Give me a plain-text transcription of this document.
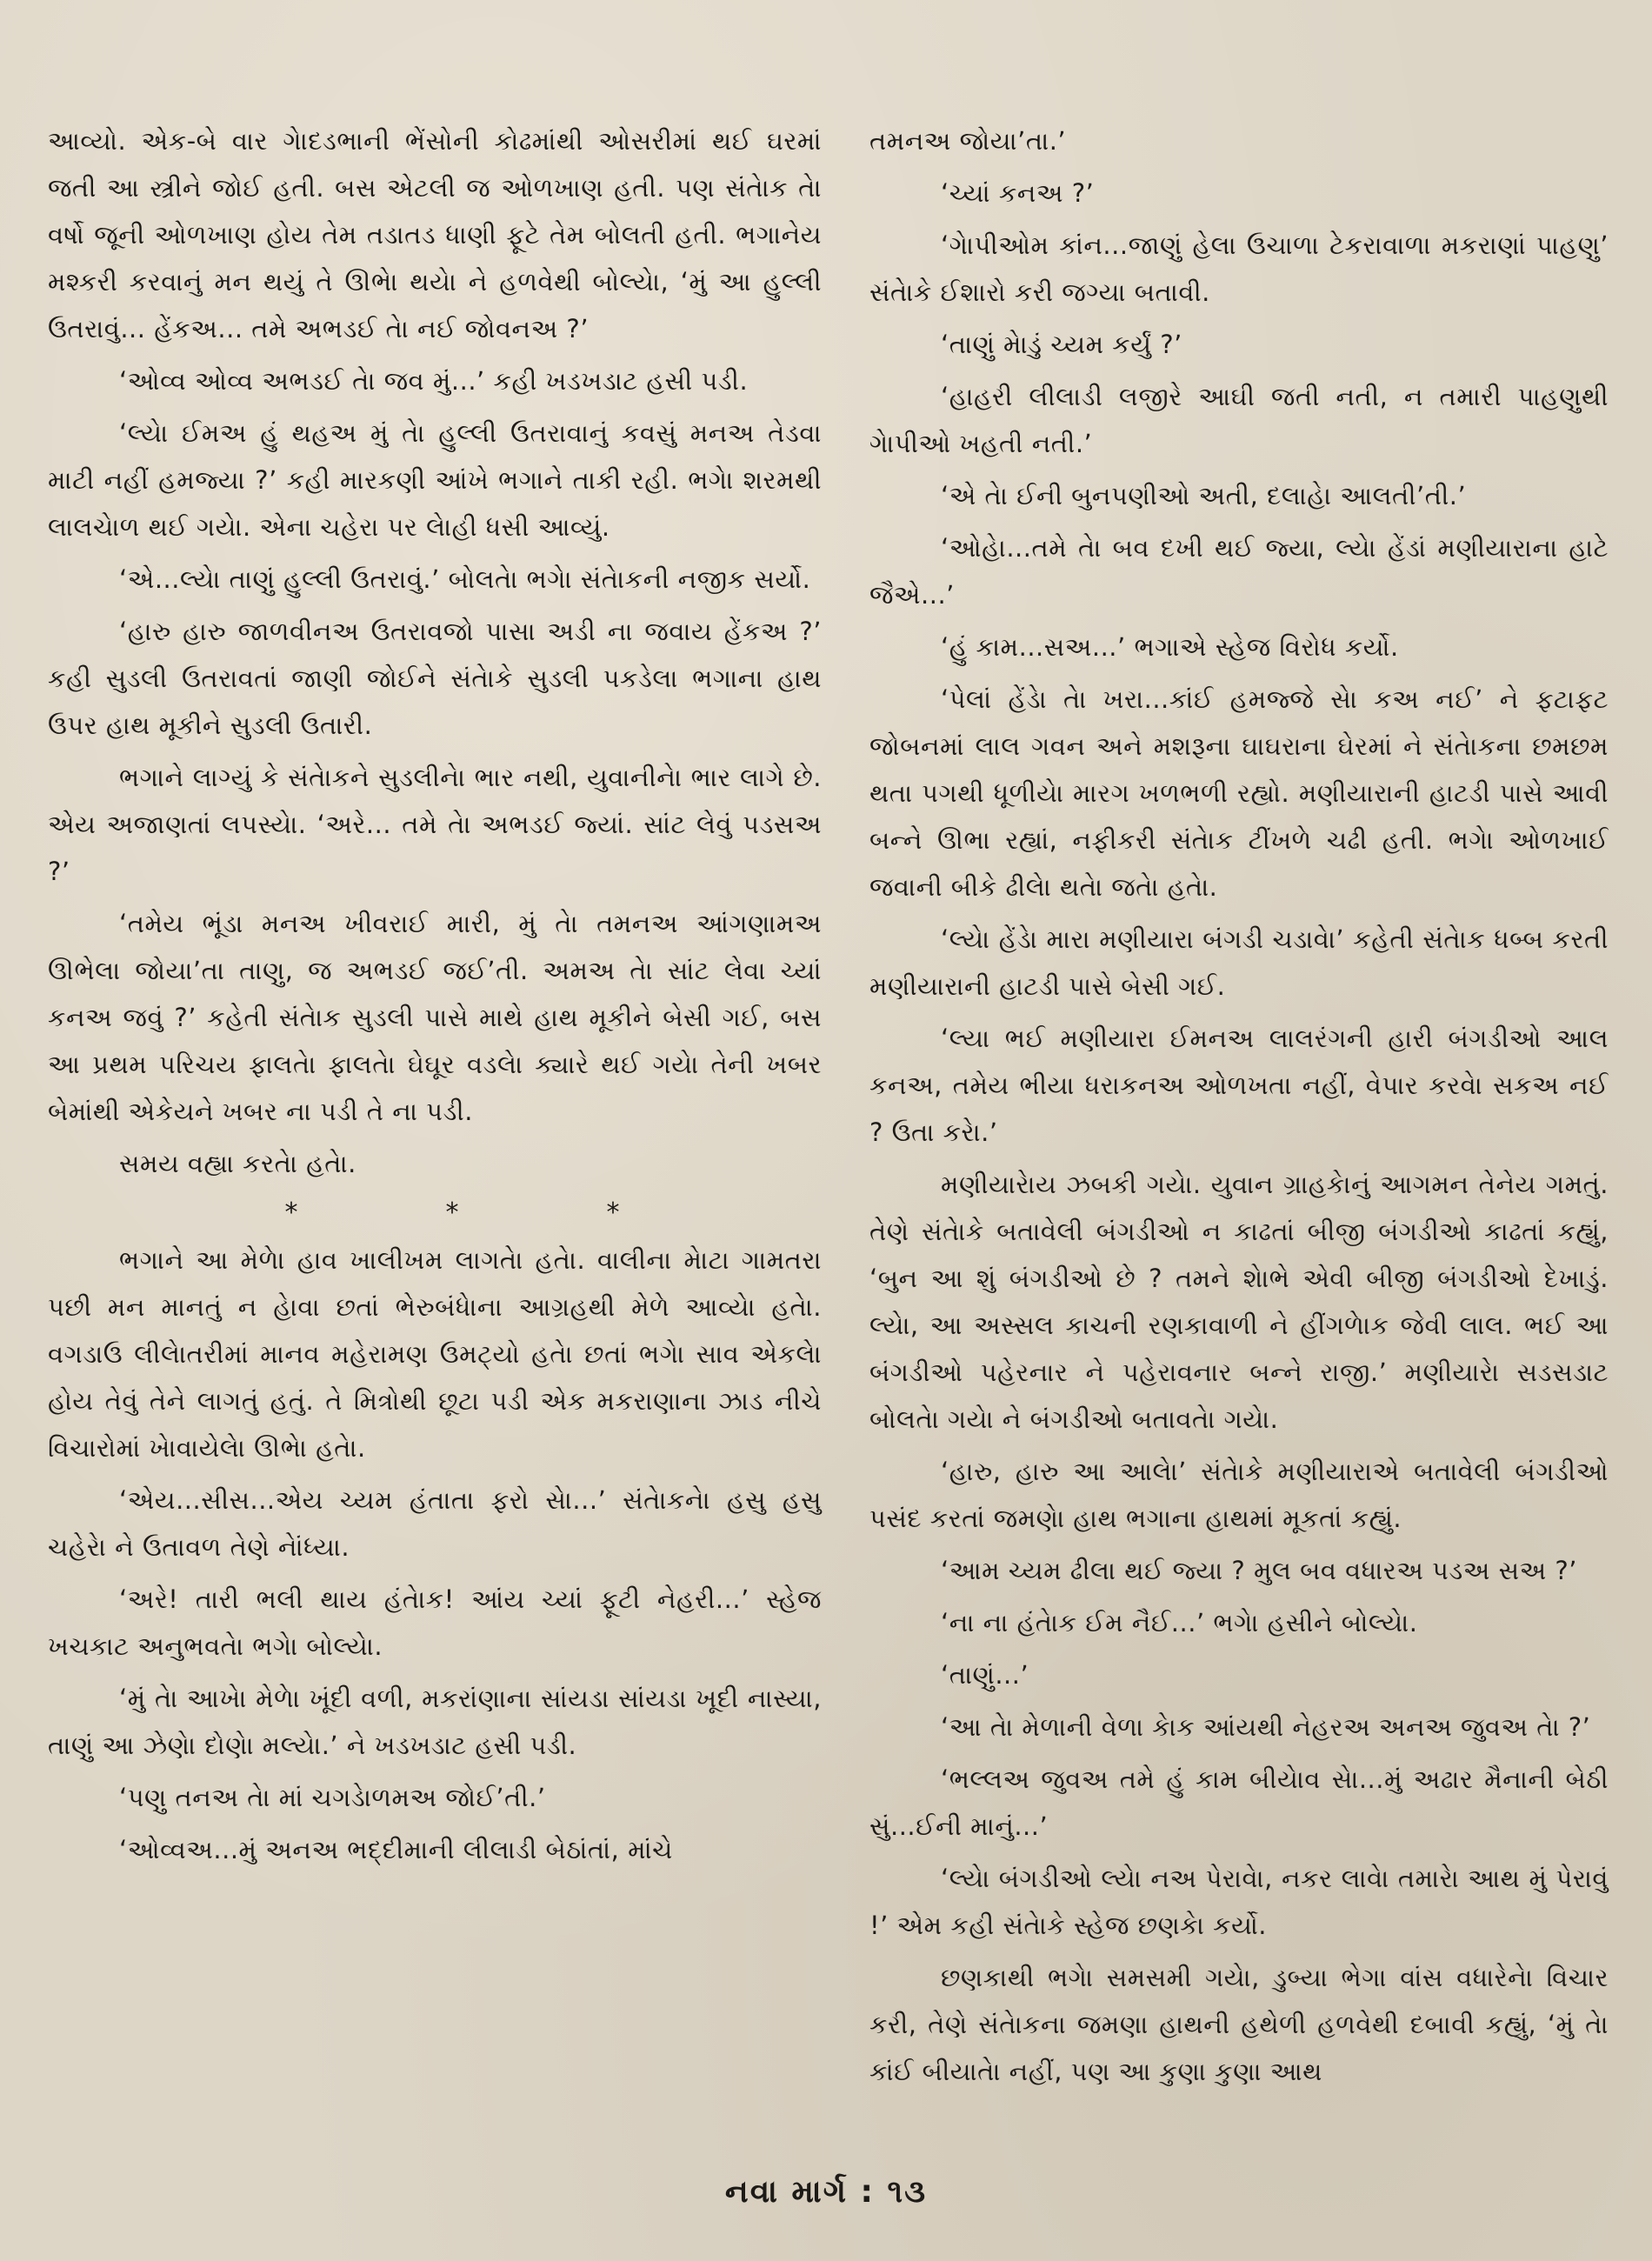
આવ્યો. એક-બે વાર ગેાદડભાની ભેંસોની કોઢમાંથી ઓસરીમાં થઈ ઘરમાં જતી આ સ્ત્રીને જોઈ હતી. બસ એટલી જ ઓળખાણ હતી. પણ સંતેાક તેા વર્ષો જૂની ઓળખાણ હોય તેમ તડાતડ ધાણી ફૂટે તેમ બોલતી હતી. ભગાનેય મશ્કરી કરવાનું મન થયું તે ઊભેા થયેા ને હળવેથી બોલ્યેા, ‘મું આ હુલ્લી ઉતરાવું... હેંકઅ... તમે અભડઈ તેા નઈ જોવનઅ ?’

‘ઓવ્વ ઓવ્વ અભડઈ તેા જવ મું...’ કહી ખડખડાટ હસી પડી.

‘લ્યેા ઈમઅ હું થહઅ મું તેા હુલ્લી ઉતરાવાનું કવસું મનઅ તેડવા માટી નહીં હમજ્યા ?’ કહી મારકણી આંખે ભગાને તાકી રહી. ભગેા શરમથી લાલચેાળ થઈ ગયેા. એના ચહેરા પર લેાહી ધસી આવ્યું.

‘એ...લ્યેા તાણું હુલ્લી ઉતરાવું.’ બોલતેા ભગેા સંતેાકની નજીક સર્યો.

‘હારુ હારુ જાળવીનઅ ઉતરાવજો પાસા અડી ના જવાય હેંકઅ ?’ કહી સુડલી ઉતરાવતાં જાણી જોઈને સંતેાકે સુડલી પકડેલા ભગાના હાથ ઉપર હાથ મૂકીને સુડલી ઉતારી.

ભગાને લાગ્યું કે સંતેાકને સુડલીનેા ભાર નથી, યુવાનીનેા ભાર લાગે છે. એય અજાણતાં લપસ્યેા. ‘અરે... તમે તેા અભડઈ જ્યાં. સાંટ લેવું પડસઅ ?’

‘તમેય ભૂંડા મનઅ ખીવરાઈ મારી, મું તેા તમનઅ આંગણામઅ ઊભેલા જોયા’તા તાણુ, જ અભડઈ જઈ’તી. અમઅ તેા સાંટ લેવા ચ્યાં કનઅ જવું ?’ કહેતી સંતેાક સુડલી પાસે માથે હાથ મૂકીને બેસી ગઈ, બસ આ પ્રથમ પરિચય ફાલતેા ફાલતેા ઘેઘૂર વડલેા ક્યારે થઈ ગયેા તેની ખબર બેમાંથી એકેયને ખબર ના પડી તે ના પડી.

સમય વહ્યા કરતેા હતેા.

*	*	*

ભગાને આ મેળેા હાવ ખાલીખમ લાગતેા હતેા. વાલીના મેાટા ગામતરા પછી મન માનતું ન હેાવા છતાં ભેરુબંધેાના આગ્રહથી મેળે આવ્યેા હતેા. વગડાઉ લીલેાતરીમાં માનવ મહેરામણ ઉમટ્યો હતેા છતાં ભગેા સાવ એકલેા હોય તેવું તેને લાગતું હતું. તે મિત્રોથી છૂટા પડી એક મકરાણાના ઝાડ નીચે વિચારોમાં ખેાવાયેલેા ઊભેા હતેા.

‘એય...સીસ...એય ચ્યમ હંતાતા ફરો સેા...’ સંતેાકનેા હસુ હસુ ચહેરેા ને ઉતાવળ તેણે નેાંધ્યા.

‘અરે! તારી ભલી થાય હંતેાક! આંય ચ્યાં ફૂટી નેહરી...’ સ્હેજ ખચકાટ અનુભવતેા ભગેા બોલ્યેા.

‘મું તેા આખેા મેળેા ખૂંદી વળી, મકરાંણાના સાંયડા સાંયડા ખૂદી નાસ્યા, તાણું આ ઝેણેા દોણેા મલ્યેા.’ ને ખડખડાટ હસી પડી.

‘પણુ તનઅ તેા માં ચગડેાળમઅ જોઈ’તી.’

‘ઓવ્વઅ...મું અનઅ ભદ્દીમાની લીલાડી બેઠાંતાં, માંચે

તમનઅ જોયા’તા.’

‘ચ્યાં કનઅ ?’

‘ગેાપીઓમ કાંન...જાણું હેલા ઉચાળા ટેકરાવાળા મકરાણાં પાહણુ’ સંતેાકે ઈશારો કરી જગ્યા બતાવી.

‘તાણું મેાડું ચ્યમ કર્યું ?’

‘હાહરી લીલાડી લજીરે આઘી જતી નતી, ન તમારી પાહણુથી ગેાપીઓ ખહતી નતી.’

‘એ તેા ઈની બુનપણીઓ અતી, દલાહેા આલતી’તી.’

‘ઓહેા...તમે તેા બવ દખી થઈ જ્યા, લ્યેા હેંડાં મણીયારાના હાટે જૈએ...’

‘હું કામ...સઅ...’ ભગાએ સ્હેજ વિરોધ કર્યો.

‘પેલાં હેંડેા તેા ખરા...કાંઈ હમજ્જે સેા કઅ નઈ’ ને ફટાફટ જોબનમાં લાલ ગવન અને મશરૂના ઘાઘરાના ઘેરમાં ને સંતેાકના છમછમ થતા પગથી ધૂળીયેા મારગ ખળભળી રહ્યો. મણીયારાની હાટડી પાસે આવી બન્ને ઊભા રહ્યાં, નફીકરી સંતેાક ટીંખળે ચઢી હતી. ભગેા ઓળખાઈ જવાની બીકે ઢીલેા થતેા જતેા હતેા.

‘લ્યેા હેંડેા મારા મણીયારા બંગડી ચડાવેા’ કહેતી સંતેાક ધબ્બ કરતી મણીયારાની હાટડી પાસે બેસી ગઈ.

‘લ્યા ભઈ મણીયારા ઈમનઅ લાલરંગની હારી બંગડીઓ આલ કનઅ, તમેય ભીયા ધરાકનઅ ઓળખતા નહીં, વેપાર કરવેા સકઅ નઈ ? ઉતા કરેા.’

મણીયારાેય ઝબકી ગયેા. યુવાન ગ્રાહકેાનું આગમન તેનેય ગમતું. તેણે સંતેાકે બતાવેલી બંગડીઓ ન કાઢતાં બીજી બંગડીઓ કાઢતાં કહ્યું, ‘બુન આ શું બંગડીઓ છે ? તમને શેાભે એવી બીજી બંગડીઓ દેખાડું. લ્યેા, આ અસ્સલ કાચની રણકાવાળી ને હીંગળેાક જેવી લાલ. ભઈ આ બંગડીઓ પહેરનાર ને પહેરાવનાર બન્ને રાજી.’ મણીયારાે સડસડાટ બોલતેા ગયેા ને બંગડીઓ બતાવતેા ગયેા.

‘હારુ, હારુ આ આલેા’ સંતેાકે મણીયારાએ બતાવેલી બંગડીઓ પસંદ કરતાં જમણેા હાથ ભગાના હાથમાં મૂકતાં કહ્યું.

‘આમ ચ્યમ ઢીલા થઈ જ્યા ? મુલ બવ વધારઅ પડઅ સઅ ?’

‘ના ના હંતેાક ઈમ નૈઈ...’ ભગેા હસીને બોલ્યેા.

‘તાણું...’

‘આ તેા મેળાની વેળા કેાક આંયથી નેહરઅ અનઅ જુવઅ તેા ?’

‘ભલ્લઅ જુવઅ તમે હું કામ બીયેાવ સેા...મું અઢાર મૈનાની બેઠી સું...ઈની માનું...’

‘લ્યેા બંગડીઓ લ્યેા નઅ પેરાવેા, નકર લાવેા તમારેા આથ મું પેરાવું !’ એમ કહી સંતેાકે સ્હેજ છણકેા કર્યો.

છણકાથી ભગેા સમસમી ગયેા, ડુબ્યા ભેગા વાંસ વધારેનેા વિચાર કરી, તેણે સંતેાકના જમણા હાથની હથેળી હળવેથી દબાવી કહ્યું, ‘મું તેા કાંઈ બીયાતેા નહીં, પણ આ કુણા કુણા આથ

નવા માર્ગ : ૧૩
